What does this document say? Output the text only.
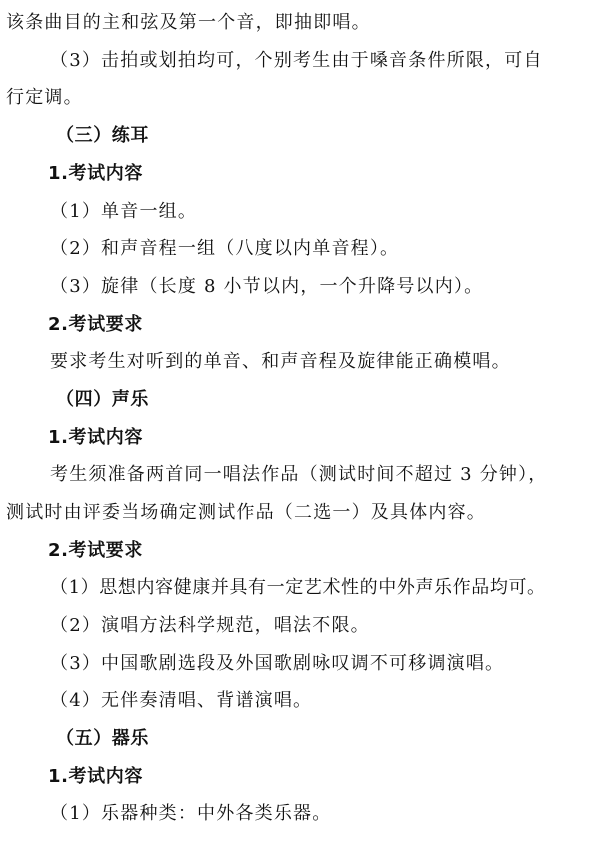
该条曲目的主和弦及第一个音，即抽即唱。
（3）击拍或划拍均可，个别考生由于嗓音条件所限，可自
行定调。
（三）练耳
1.考试内容
（1）单音一组。
（2）和声音程一组（八度以内单音程）。
（3）旋律（长度 8 小节以内，一个升降号以内）。
2.考试要求
要求考生对听到的单音、和声音程及旋律能正确模唱。
（四）声乐
1.考试内容
考生须准备两首同一唱法作品（测试时间不超过 3 分钟），
测试时由评委当场确定测试作品（二选一）及具体内容。
2.考试要求
（1）思想内容健康并具有一定艺术性的中外声乐作品均可。
（2）演唱方法科学规范，唱法不限。
（3）中国歌剧选段及外国歌剧咏叹调不可移调演唱。
（4）无伴奏清唱、背谱演唱。
（五）器乐
1.考试内容
（1）乐器种类：中外各类乐器。
